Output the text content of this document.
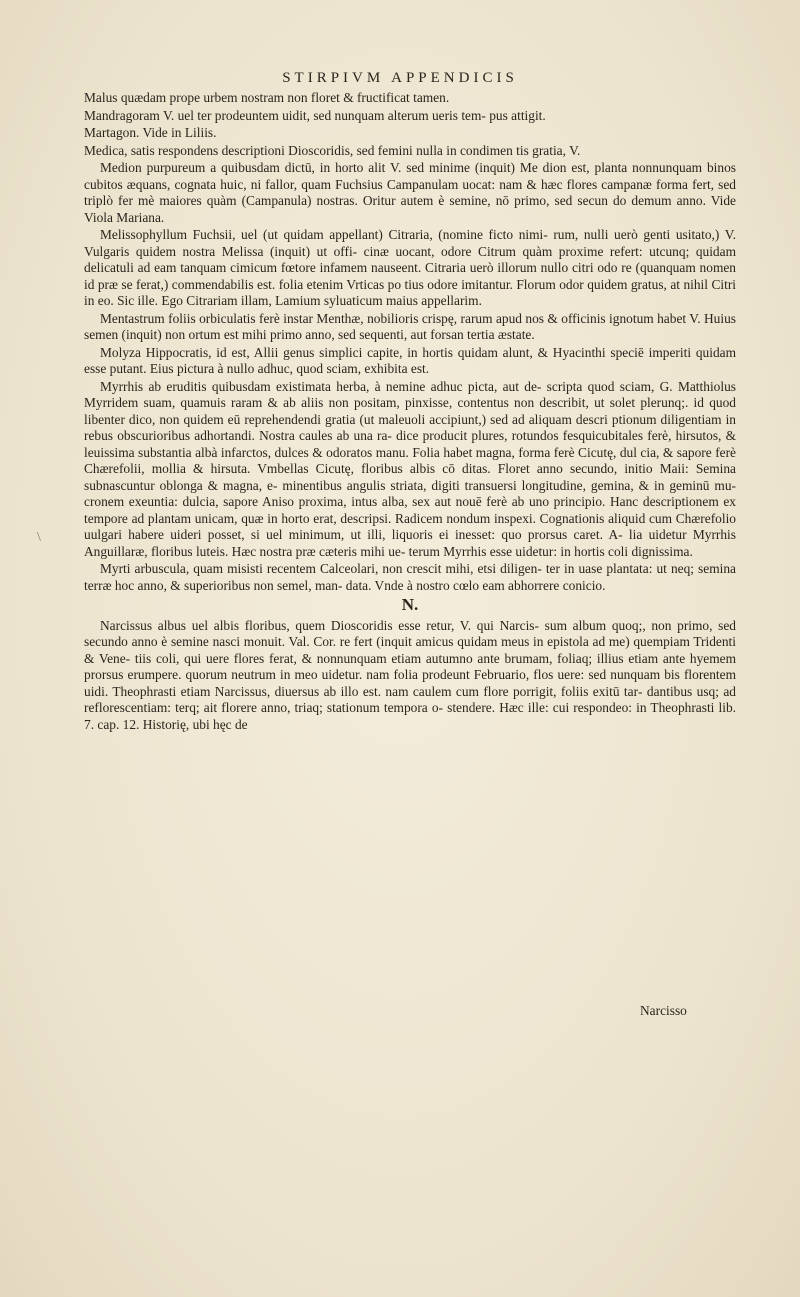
STIRPIVM APPENDICIS

Malus quædam prope urbem nostram non floret & fructificat tamen.

Mandragoram V. uel ter prodeuntem uidit, sed nunquam alterum ueris tem‑ pus attigit.

Martagon. Vide in Liliis.

Medica, satis respondens descriptioni Dioscoridis, sed femini nulla in condimen tis gratia, V.

Medion purpureum a quibusdam dictū, in horto alit V. sed minime (inquit) Me dion est, planta nonnunquam binos cubitos æquans, cognata huic, ni fallor, quam Fuchsius Campanulam uocat: nam & hæc flores campanæ forma fert, sed triplò fer mè maiores quàm (Campanula) nostras. Oritur autem è semine, nō primo, sed secun do demum anno. Vide Viola Mariana.

Melissophyllum Fuchsii, uel (ut quidam appellant) Citraria, (nomine ficto nimi‑ rum, nulli uerò genti usitato,) V. Vulgaris quidem nostra Melissa (inquit) ut offi‑ cinæ uocant, odore Citrum quàm proxime refert: utcunq; quidam delicatuli ad eam tanquam cimicum fœtore infamem nauseent. Citraria uerò illorum nullo citri odo re (quanquam nomen id præ se ferat,) commendabilis est. folia etenim Vrticas po tius odore imitantur. Florum odor quidem gratus, at nihil Citri in eo. Sic ille. Ego Citrariam illam, Lamium syluaticum maius appellarim.

Mentastrum foliis orbiculatis ferè instar Menthæ, nobilioris crispę, rarum apud nos & officinis ignotum habet V. Huius semen (inquit) non ortum est mihi primo anno, sed sequenti, aut forsan tertia æstate.

Molyza Hippocratis, id est, Allii genus simplici capite, in hortis quidam alunt, & Hyacinthi speciē imperiti quidam esse putant. Eius pictura à nullo adhuc, quod sciam, exhibita est.

Myrrhis ab eruditis quibusdam existimata herba, à nemine adhuc picta, aut de‑ scripta quod sciam, G. Matthiolus Myrridem suam, quamuis raram & ab aliis non positam, pinxisse, contentus non describit, ut solet plerunq;. id quod libenter dico, non quidem eū reprehendendi gratia (ut maleuoli accipiunt,) sed ad aliquam descri ptionum diligentiam in rebus obscurioribus adhortandi. Nostra caules ab una ra‑ dice producit plures, rotundos fesquicubitales ferè, hirsutos, & leuissima substantia albà infarctos, dulces & odoratos manu. Folia habet magna, forma ferè Cicutę, dul cia, & sapore ferè Chærefolii, mollia & hirsuta. Vmbellas Cicutę, floribus albis cō ditas. Floret anno secundo, initio Maii: Semina subnascuntur oblonga & magna, e‑ minentibus angulis striata, digiti transuersi longitudine, gemina, & in geminū mu‑ cronem exeuntia: dulcia, sapore Aniso proxima, intus alba, sex aut nouē ferè ab uno principio. Hanc descriptionem ex tempore ad plantam unicam, quæ in horto erat, descripsi. Radicem nondum inspexi. Cognationis aliquid cum Chærefolio uulgari habere uideri posset, si uel minimum, ut illi, liquoris ei inesset: quo prorsus caret. A‑ lia uidetur Myrrhis Anguillaræ, floribus luteis. Hæc nostra præ cæteris mihi ue‑ terum Myrrhis esse uidetur: in hortis coli dignissima.

Myrti arbuscula, quam misisti recentem Calceolari, non crescit mihi, etsi diligen‑ ter in uase plantata: ut neq; semina terræ hoc anno, & superioribus non semel, man‑ data. Vnde à nostro cœlo eam abhorrere conicio.

N.

Narcissus albus uel albis floribus, quem Dioscoridis esse retur, V. qui Narcis‑ sum album quoq;, non primo, sed secundo anno è semine nasci monuit. Val. Cor. re fert (inquit amicus quidam meus in epistola ad me) quempiam Tridenti & Vene‑ tiis coli, qui uere flores ferat, & nonnunquam etiam autumno ante brumam, foliaq; illius etiam ante hyemem prorsus erumpere. quorum neutrum in meo uidetur. nam folia prodeunt Februario, flos uere: sed nunquam bis florentem uidi. Theophrasti etiam Narcissus, diuersus ab illo est. nam caulem cum flore porrigit, foliis exitū tar‑ dantibus usq; ad reflorescentiam: terq; ait florere anno, triaq; stationum tempora o‑ stendere. Hæc ille: cui respondeo: in Theophrasti lib. 7. cap. 12. Historię, ubi hęc de

Narcisso
\
